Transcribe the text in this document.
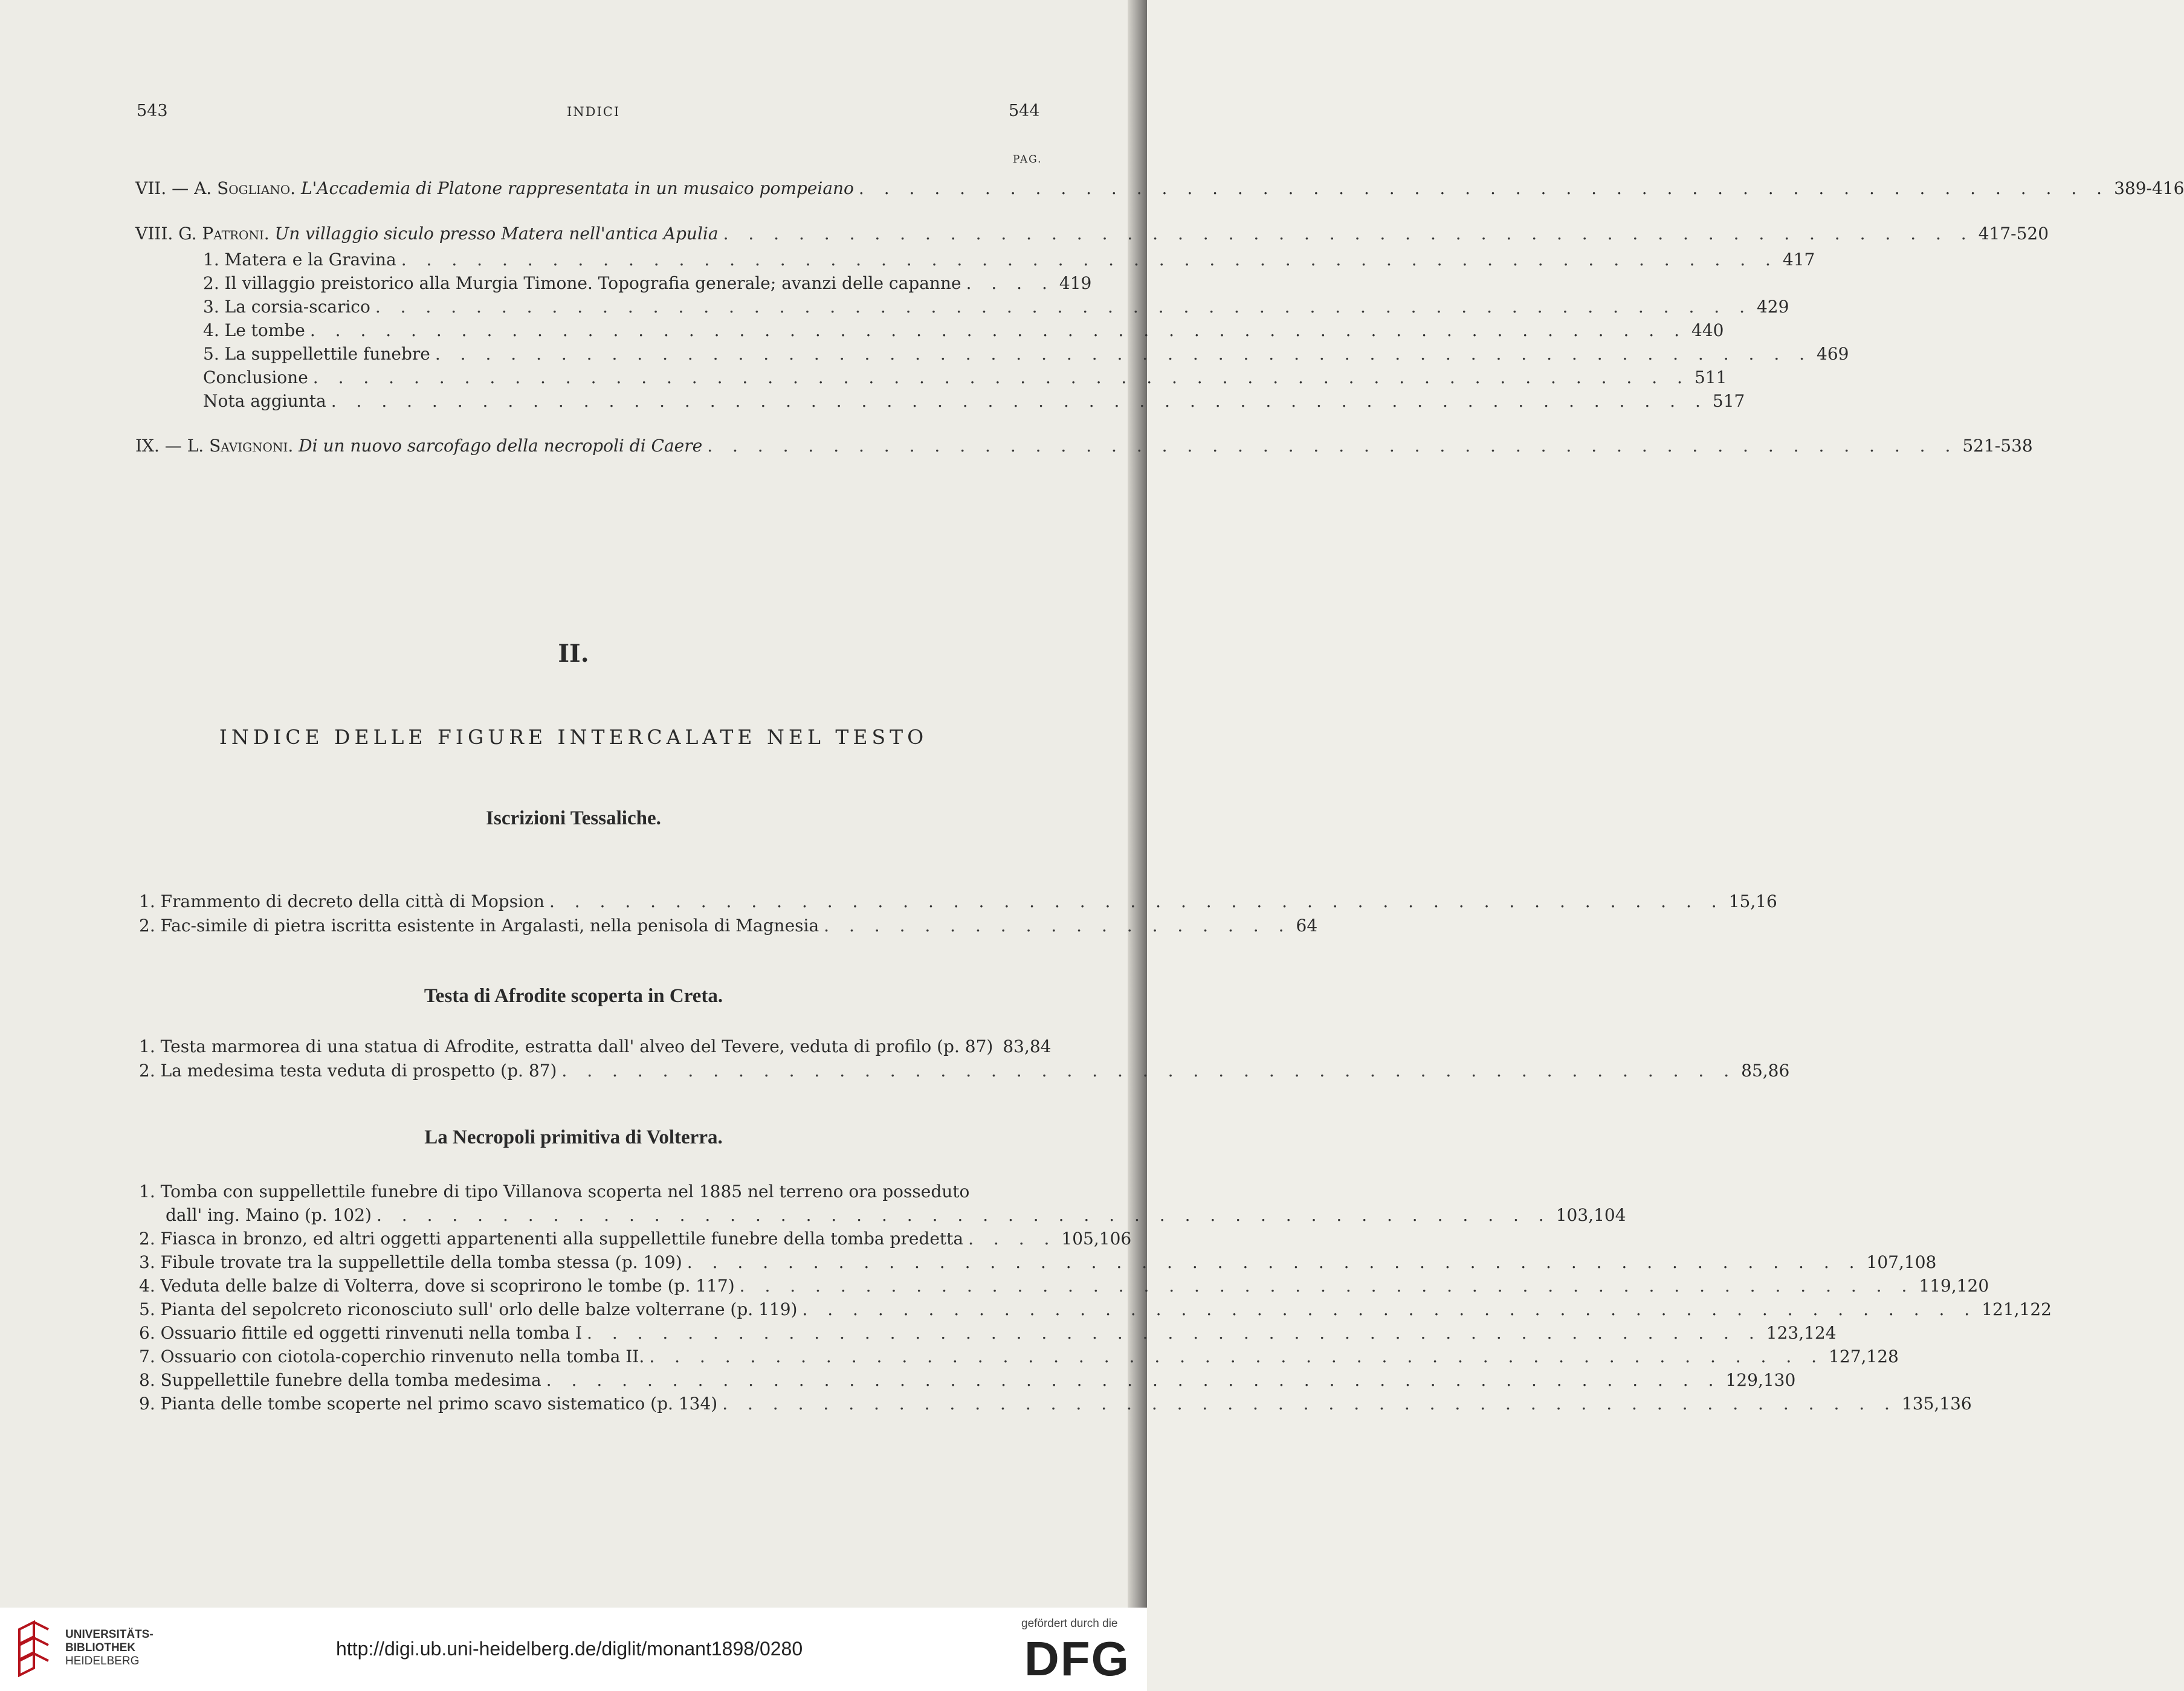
543	INDICI	544
PAG.
VII. —
A. Sogliano.
L'Accademia di Platone rappresentata in un musaico pompeiano . . . . . . . . . . . . . . . . . . . . . . . . . . . . . . . . . . . . . . . . . . . . . . . . . . 389-416
VIII.
G. Patroni.
Un villaggio siculo presso Matera nell'antica Apulia . . . . . . . . . . . . . . . . . . . . . . . . . . . . . . . . . . . . . . . . . . . . . . . . . . 417-520
1. Matera e la Gravina . . . . . . . . . . . . . . . . . . . . . . . . . . . . . . . . . . . . . . . . . . . . . . . . . . . . . . . 417
2. Il villaggio preistorico alla Murgia Timone. Topografia generale; avanzi delle capanne . . . . 419
3. La corsia-scarico . . . . . . . . . . . . . . . . . . . . . . . . . . . . . . . . . . . . . . . . . . . . . . . . . . . . . . . 429
4. Le tombe . . . . . . . . . . . . . . . . . . . . . . . . . . . . . . . . . . . . . . . . . . . . . . . . . . . . . . . 440
5. La suppellettile funebre . . . . . . . . . . . . . . . . . . . . . . . . . . . . . . . . . . . . . . . . . . . . . . . . . . . . . . . 469
Conclusione . . . . . . . . . . . . . . . . . . . . . . . . . . . . . . . . . . . . . . . . . . . . . . . . . . . . . . . 511
Nota aggiunta . . . . . . . . . . . . . . . . . . . . . . . . . . . . . . . . . . . . . . . . . . . . . . . . . . . . . . . 517
IX. —
L. Savignoni.
Di un nuovo sarcofago della necropoli di Caere . . . . . . . . . . . . . . . . . . . . . . . . . . . . . . . . . . . . . . . . . . . . . . . . . . 521-538
II.
INDICE DELLE FIGURE INTERCALATE NEL TESTO
Iscrizioni Tessaliche.
1. Frammento di decreto della città di Mopsion . . . . . . . . . . . . . . . . . . . . . . . . . . . . . . . . . . . . . . . . . . . . . . . 15,16
2. Fac-simile di pietra iscritta esistente in Argalasti, nella penisola di Magnesia . . . . . . . . . . . . . . . . . . . 64
Testa di Afrodite scoperta in Creta.
1. Testa marmorea di una statua di Afrodite, estratta dall' alveo del Tevere, veduta di profilo (p. 87) 83,84
2. La medesima testa veduta di prospetto (p. 87) . . . . . . . . . . . . . . . . . . . . . . . . . . . . . . . . . . . . . . . . . . . . . . . 85,86
La Necropoli primitiva di Volterra.
1. Tomba con suppellettile funebre di tipo Villanova scoperta nel 1885 nel terreno ora posseduto
dall' ing. Maino (p. 102) . . . . . . . . . . . . . . . . . . . . . . . . . . . . . . . . . . . . . . . . . . . . . . . 103,104
2. Fiasca in bronzo, ed altri oggetti appartenenti alla suppellettile funebre della tomba predetta . . . . 105,106
3. Fibule trovate tra la suppellettile della tomba stessa (p. 109) . . . . . . . . . . . . . . . . . . . . . . . . . . . . . . . . . . . . . . . . . . . . . . . 107,108
4. Veduta delle balze di Volterra, dove si scoprirono le tombe (p. 117) . . . . . . . . . . . . . . . . . . . . . . . . . . . . . . . . . . . . . . . . . . . . . . . 119,120
5. Pianta del sepolcreto riconosciuto sull' orlo delle balze volterrane (p. 119) . . . . . . . . . . . . . . . . . . . . . . . . . . . . . . . . . . . . . . . . . . . . . . . 121,122
6. Ossuario fittile ed oggetti rinvenuti nella tomba I . . . . . . . . . . . . . . . . . . . . . . . . . . . . . . . . . . . . . . . . . . . . . . . 123,124
7. Ossuario con ciotola-coperchio rinvenuto nella tomba II. . . . . . . . . . . . . . . . . . . . . . . . . . . . . . . . . . . . . . . . . . . . . . . . 127,128
8. Suppellettile funebre della tomba medesima . . . . . . . . . . . . . . . . . . . . . . . . . . . . . . . . . . . . . . . . . . . . . . . 129,130
9. Pianta delle tombe scoperte nel primo scavo sistematico (p. 134) . . . . . . . . . . . . . . . . . . . . . . . . . . . . . . . . . . . . . . . . . . . . . . . 135,136
UNIVERSITÄTS-
BIBLIOTHEK
HEIDELBERG
http://digi.ub.uni-heidelberg.de/diglit/monant1898/0280
gefördert durch die
DFG
